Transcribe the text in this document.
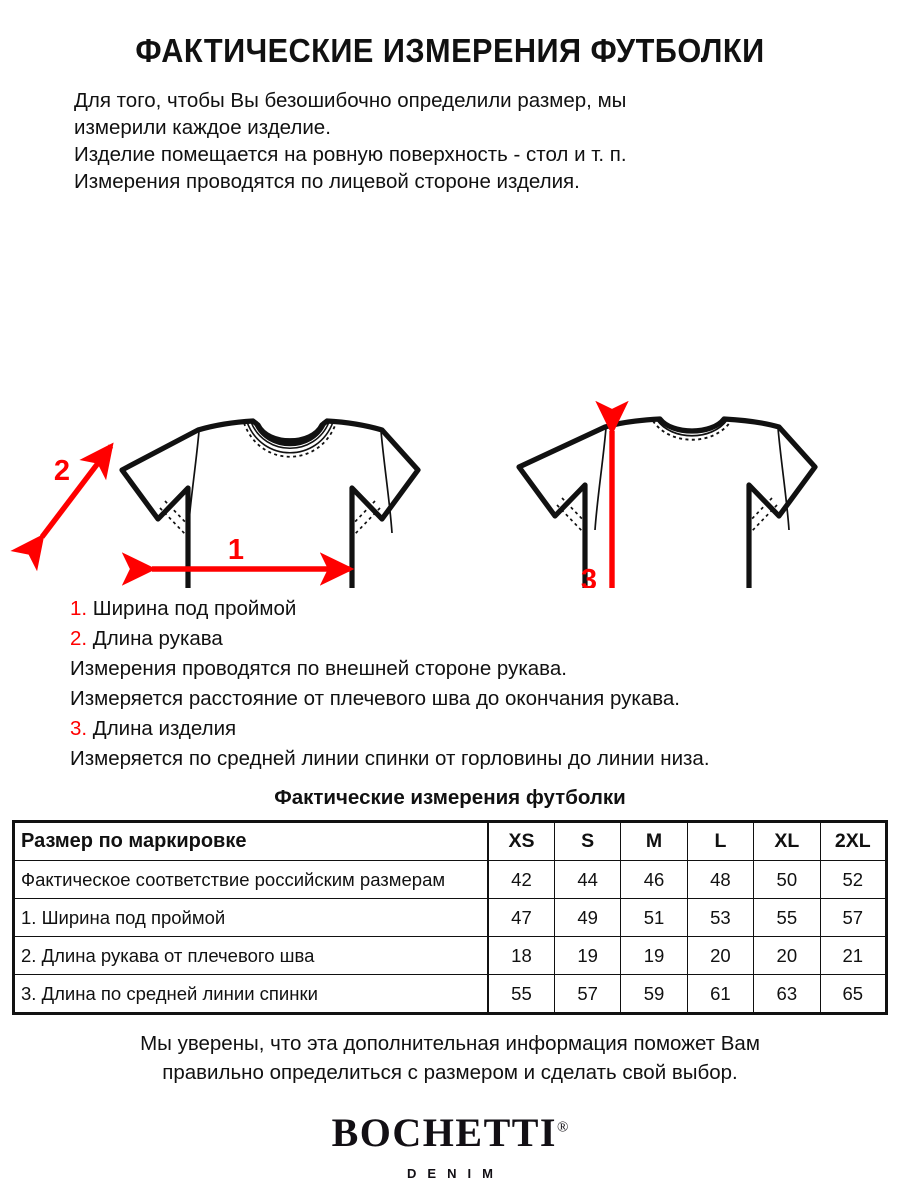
ФАКТИЧЕСКИЕ ИЗМЕРЕНИЯ ФУТБОЛКИ
Для того, чтобы Вы безошибочно определили размер, мы
измерили каждое изделие.
Изделие помещается на ровную поверхность - стол и т. п.
Измерения проводятся по лицевой стороне изделия.
1
2
3
1. Ширина под проймой
2. Длина рукава
Измерения проводятся по внешней стороне рукава.
Измеряется расстояние от плечевого шва до окончания рукава.
3. Длина изделия
Измеряется по средней линии спинки от горловины до линии низа.
Фактические измерения футболки
Размер по маркировке	XS	S	M	L	XL	2XL
Фактическое соответствие российским размерам	42	44	46	48	50	52
1. Ширина под проймой	47	49	51	53	55	57
2. Длина рукава от плечевого шва	18	19	19	20	20	21
3. Длина по средней линии спинки	55	57	59	61	63	65
Мы уверены, что эта дополнительная информация поможет Вам
правильно определиться с размером и сделать свой выбор.
BOCHETTI®
DENIM
